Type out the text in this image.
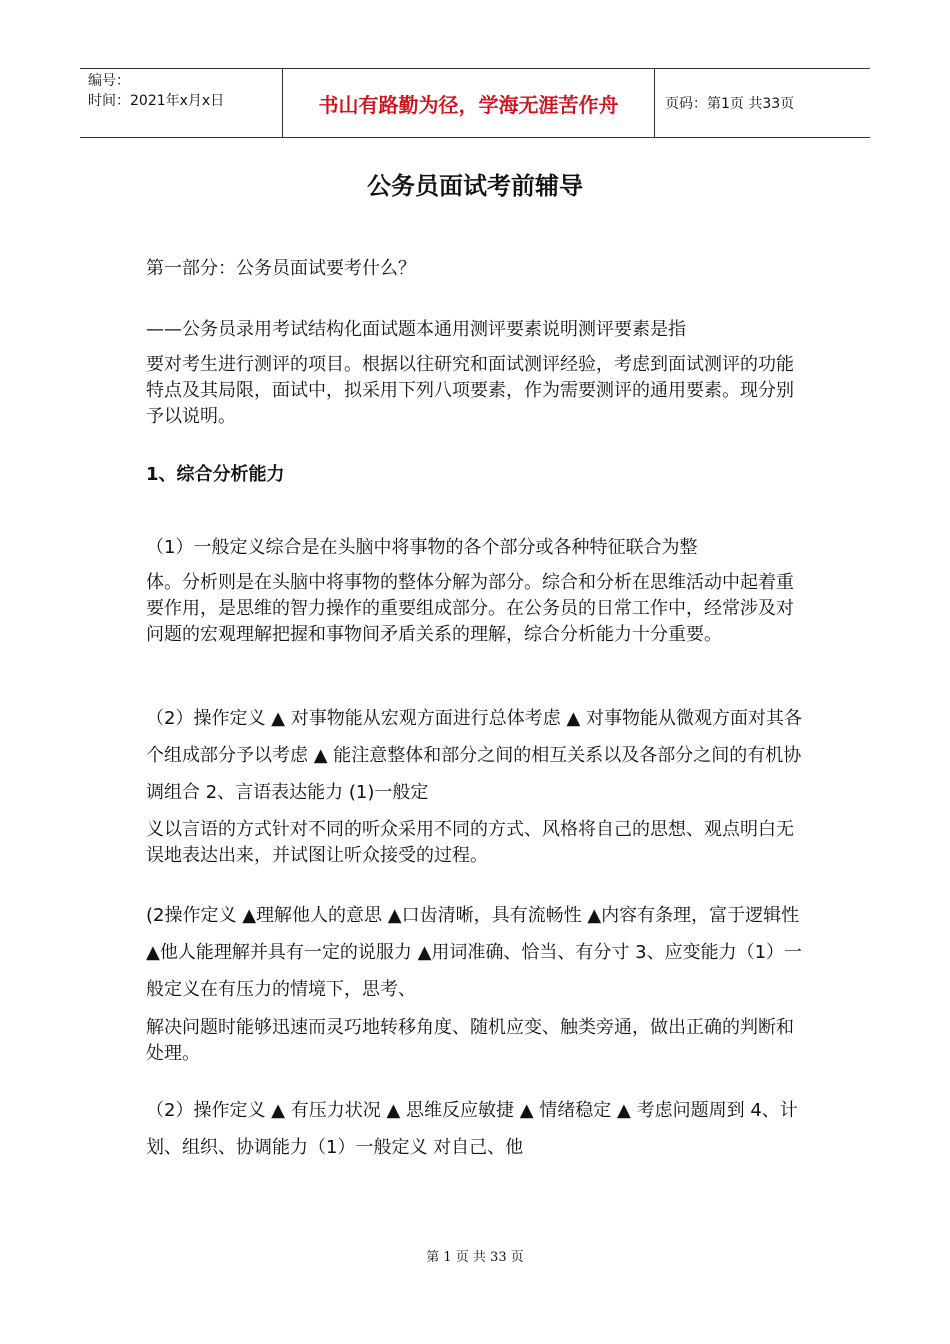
编号：
时间：2021年x月x日	书山有路勤为径，学海无涯苦作舟	页码：第1页 共33页
公务员面试考前辅导

第一部分：公务员面试要考什么？

——公务员录用考试结构化面试题本通用测评要素说明测评要素是指

要对考生进行测评的项目。根据以往研究和面试测评经验，考虑到面试测评的功能特点及其局限，面试中，拟采用下列八项要素，作为需要测评的通用要素。现分别予以说明。

1、综合分析能力

（1）一般定义综合是在头脑中将事物的各个部分或各种特征联合为整

体。分析则是在头脑中将事物的整体分解为部分。综合和分析在思维活动中起着重要作用，是思维的智力操作的重要组成部分。在公务员的日常工作中，经常涉及对问题的宏观理解把握和事物间矛盾关系的理解，综合分析能力十分重要。

（2）操作定义 ▲ 对事物能从宏观方面进行总体考虑 ▲ 对事物能从微观方面对其各个组成部分予以考虑 ▲ 能注意整体和部分之间的相互关系以及各部分之间的有机协调组合 2、言语表达能力 (1)一般定

义以言语的方式针对不同的听众采用不同的方式、风格将自己的思想、观点明白无误地表达出来，并试图让听众接受的过程。

(2操作定义 ▲理解他人的意思 ▲口齿清晰，具有流畅性 ▲内容有条理，富于逻辑性 ▲他人能理解并具有一定的说服力 ▲用词准确、恰当、有分寸 3、应变能力（1）一般定义在有压力的情境下，思考、

解决问题时能够迅速而灵巧地转移角度、随机应变、触类旁通，做出正确的判断和处理。

（2）操作定义 ▲ 有压力状况 ▲ 思维反应敏捷 ▲ 情绪稳定 ▲ 考虑问题周到 4、计划、组织、协调能力（1）一般定义 对自己、他

第 1 页 共 33 页
